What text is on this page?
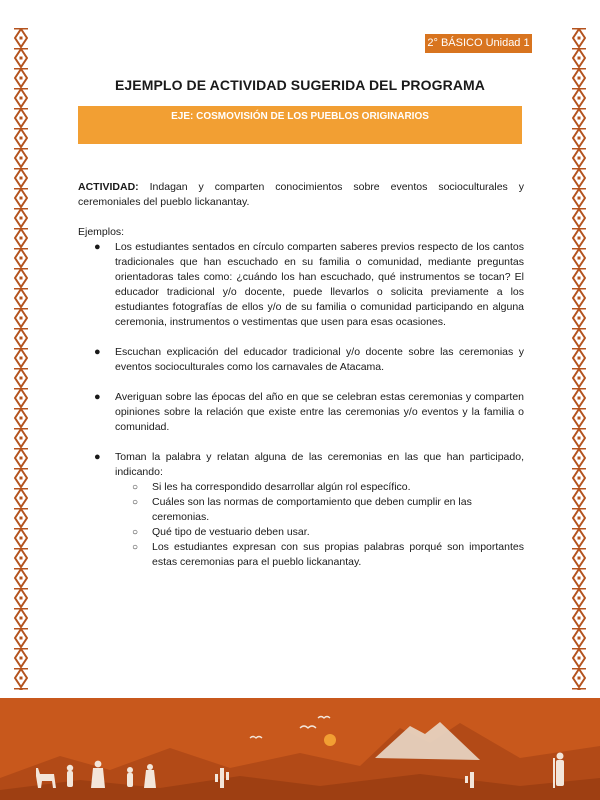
2° BÁSICO Unidad 1
EJEMPLO DE ACTIVIDAD SUGERIDA DEL PROGRAMA
EJE: COSMOVISIÓN DE LOS PUEBLOS ORIGINARIOS

ACTIVIDAD: Indagan y comparten conocimientos sobre eventos socioculturales y ceremoniales del pueblo lickanantay.

Ejemplos:
● Los estudiantes sentados en círculo comparten saberes previos respecto de los cantos tradicionales que han escuchado en su familia o comunidad, mediante preguntas orientadoras tales como: ¿cuándo los han escuchado, qué instrumentos se tocan? El educador tradicional y/o docente, puede llevarlos o solicita previamente a los estudiantes fotografías de ellos y/o de su familia o comunidad participando en alguna ceremonia, instrumentos o vestimentas que usen para esas ocasiones.
● Escuchan explicación del educador tradicional y/o docente sobre las ceremonias y eventos socioculturales como los carnavales de Atacama.
● Averiguan sobre las épocas del año en que se celebran estas ceremonias y comparten opiniones sobre la relación que existe entre las ceremonias y/o eventos y la familia o comunidad.
● Toman la palabra y relatan alguna de las ceremonias en las que han participado, indicando:
○ Si les ha correspondido desarrollar algún rol específico.
○ Cuáles son las normas de comportamiento que deben cumplir en las ceremonias.
○ Qué tipo de vestuario deben usar.
○ Los estudiantes expresan con sus propias palabras porqué son importantes estas ceremonias para el pueblo lickanantay.
